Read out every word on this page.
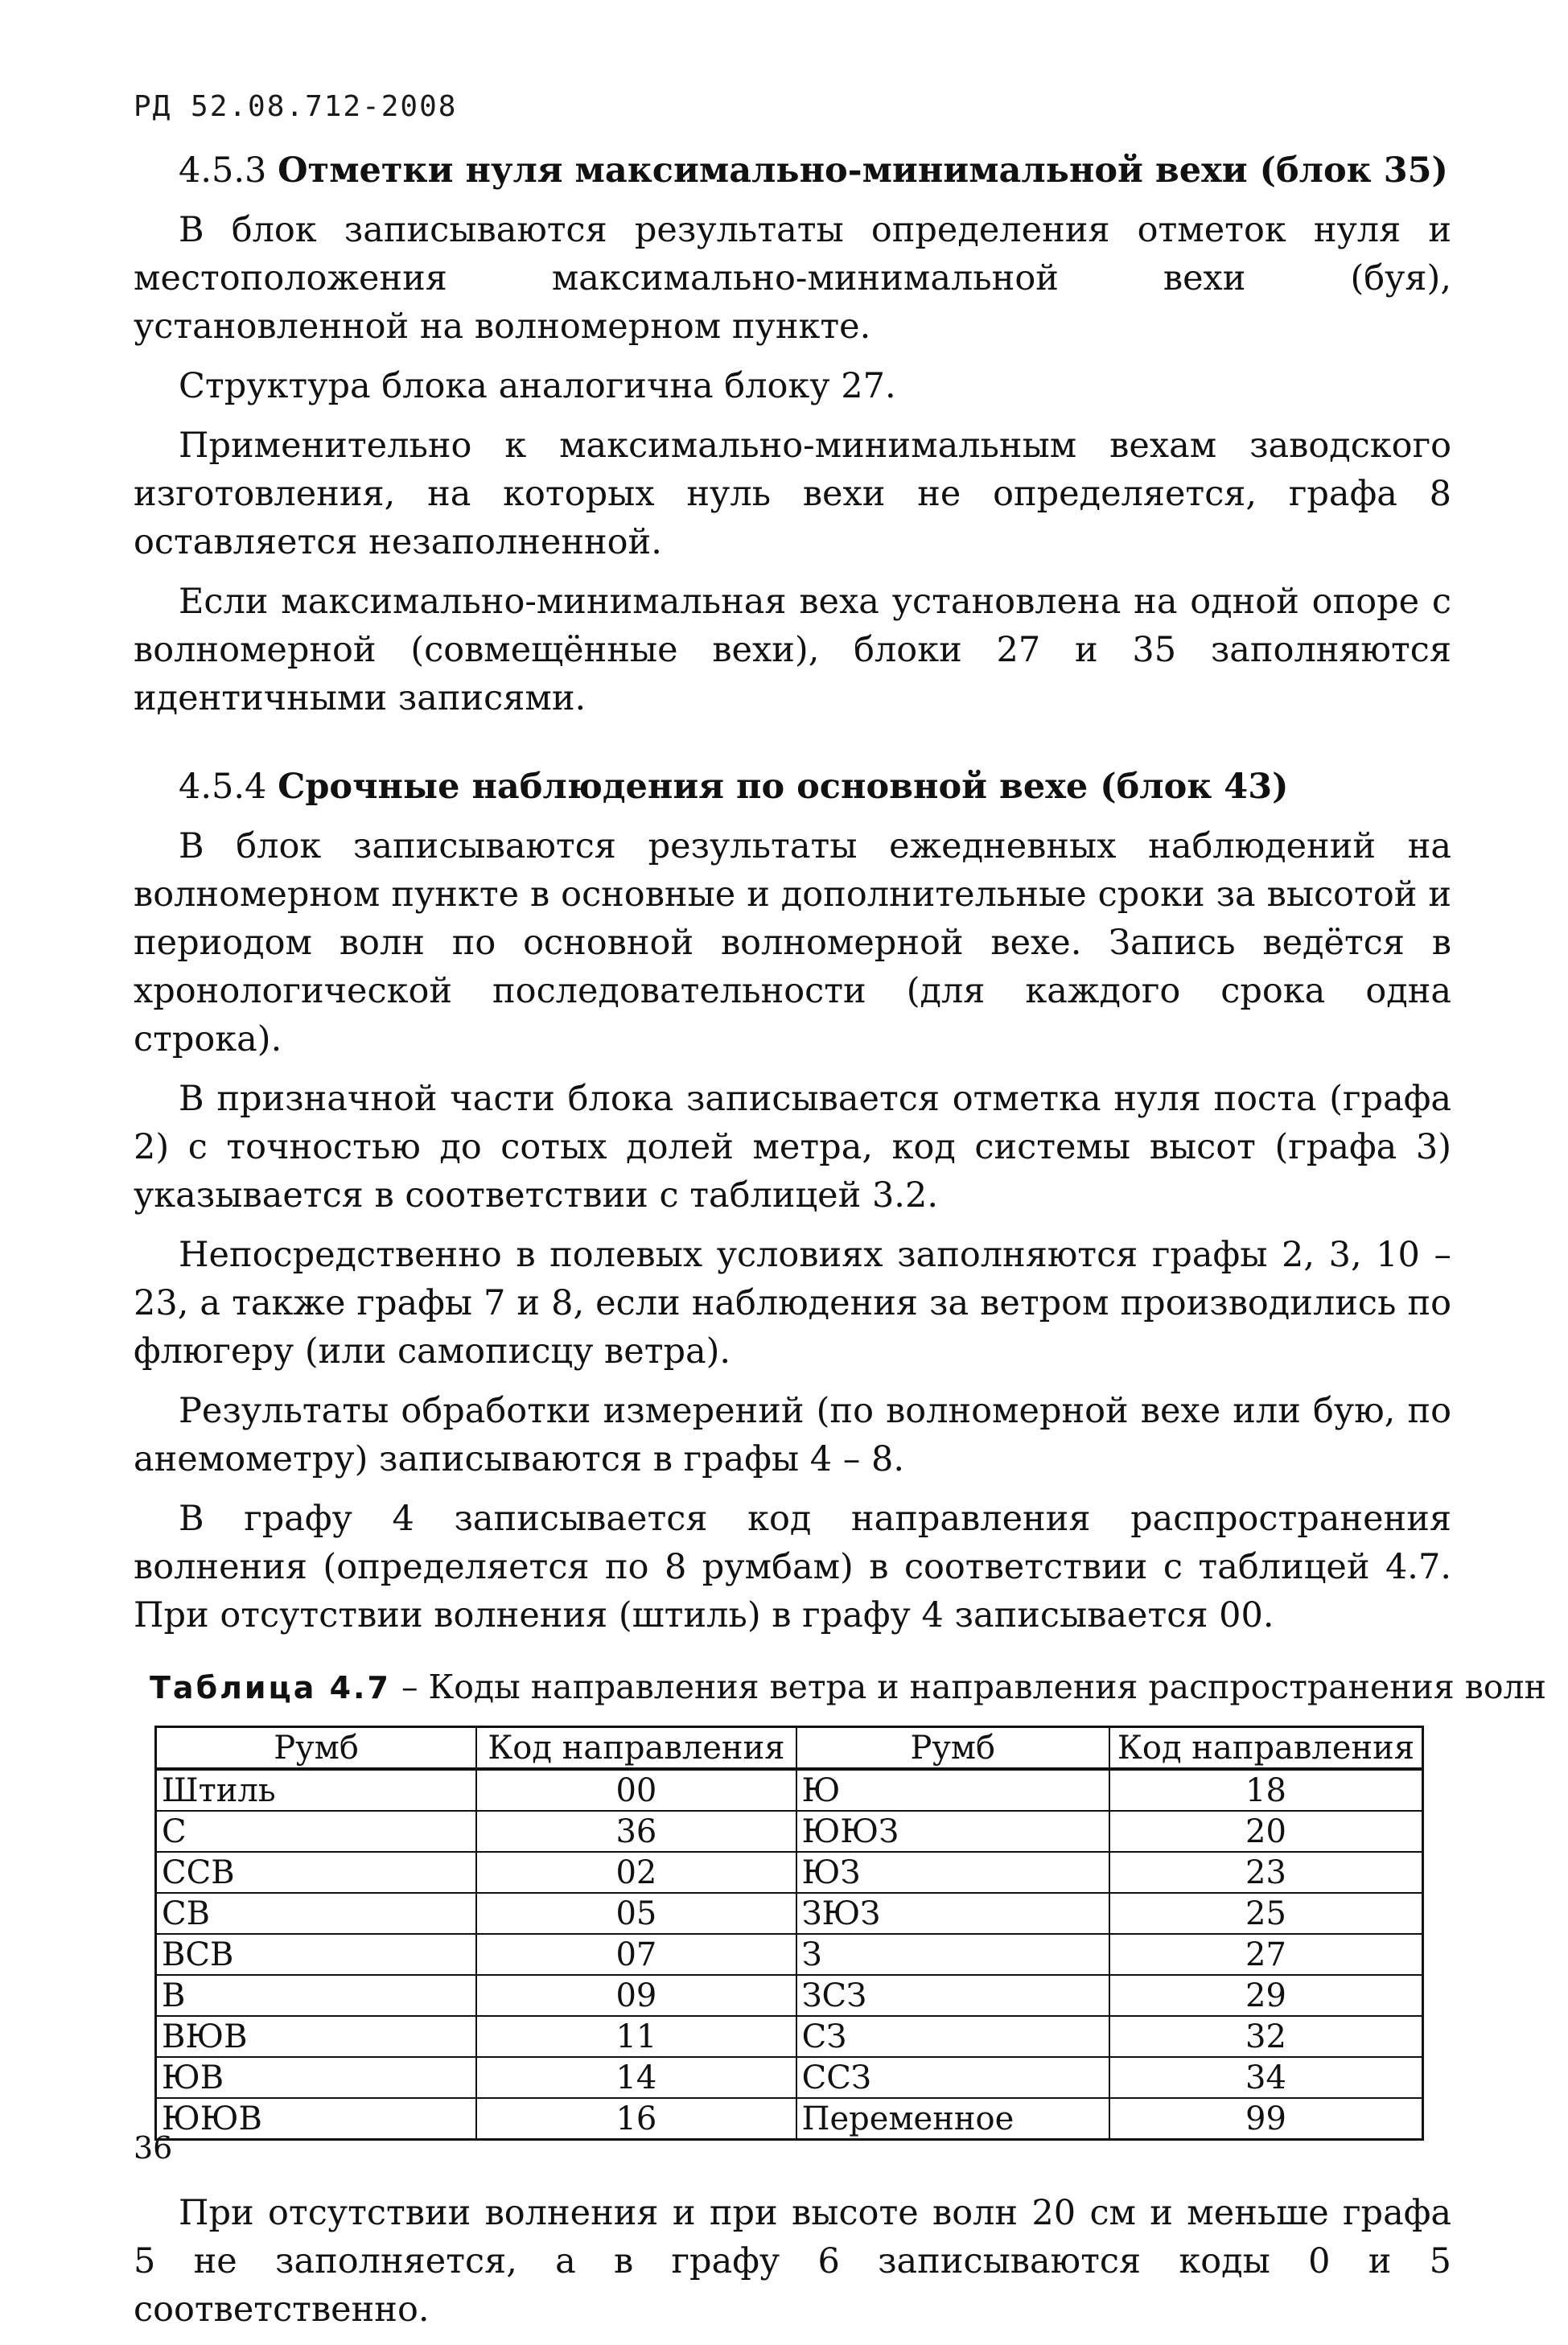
РД 52.08.712-2008
4.5.3 Отметки нуля максимально-минимальной вехи (блок 35)

В блок записываются результаты определения отметок нуля и местоположения максимально-минимальной вехи (буя), установленной на волномерном пункте.

Структура блока аналогична блоку 27.

Применительно к максимально-минимальным вехам заводского изготовления, на которых нуль вехи не определяется, графа 8 оставляется незаполненной.

Если максимально-минимальная веха установлена на одной опоре с волномерной (совмещённые вехи), блоки 27 и 35 заполняются идентичными записями.

4.5.4 Срочные наблюдения по основной вехе (блок 43)

В блок записываются результаты ежедневных наблюдений на волномерном пункте в основные и дополнительные сроки за высотой и периодом волн по основной волномерной вехе. Запись ведётся в хронологической последовательности (для каждого срока одна строка).

В призначной части блока записывается отметка нуля поста (графа 2) с точностью до сотых долей метра, код системы высот (графа 3) указывается в соответствии с таблицей 3.2.

Непосредственно в полевых условиях заполняются графы 2, 3, 10 – 23, а также графы 7 и 8, если наблюдения за ветром производились по флюгеру (или самописцу ветра).

Результаты обработки измерений (по волномерной вехе или бую, по анемометру) записываются в графы 4 – 8.

В графу 4 записывается код направления распространения волнения (определяется по 8 румбам) в соответствии с таблицей 4.7. При отсутствии волнения (штиль) в графу 4 записывается 00.

Таблица 4.7 – Коды направления ветра и направления распространения волн
Румб	Код направления	Румб	Код направления
Штиль	00	Ю	18
С	36	ЮЮЗ	20
ССВ	02	ЮЗ	23
СВ	05	ЗЮЗ	25
ВСВ	07	З	27
В	09	ЗСЗ	29
ВЮВ	11	СЗ	32
ЮВ	14	ССЗ	34
ЮЮВ	16	Переменное	99

При отсутствии волнения и при высоте волн 20 см и меньше графа 5 не заполняется, а в графу 6 записываются коды 0 и 5 соответственно.

36
